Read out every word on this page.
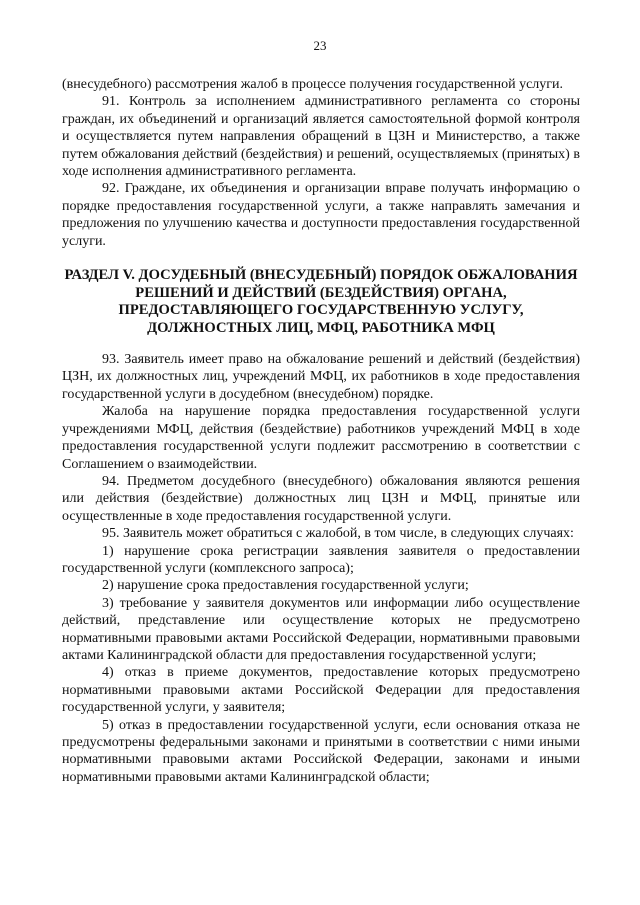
23

(внесудебного) рассмотрения жалоб в процессе получения государственной услуги.

91. Контроль за исполнением административного регламента со стороны граждан, их объединений и организаций является самостоятельной формой контроля и осуществляется путем направления обращений в ЦЗН и Министерство, а также путем обжалования действий (бездействия) и решений, осуществляемых (принятых) в ходе исполнения административного регламента.

92. Граждане, их объединения и организации вправе получать информацию о порядке предоставления государственной услуги, а также направлять замечания и предложения по улучшению качества и доступности предоставления государственной услуги.

РАЗДЕЛ V. ДОСУДЕБНЫЙ (ВНЕСУДЕБНЫЙ) ПОРЯДОК ОБЖАЛОВАНИЯ РЕШЕНИЙ И ДЕЙСТВИЙ (БЕЗДЕЙСТВИЯ) ОРГАНА, ПРЕДОСТАВЛЯЮЩЕГО ГОСУДАРСТВЕННУЮ УСЛУГУ, ДОЛЖНОСТНЫХ ЛИЦ, МФЦ, РАБОТНИКА МФЦ

93. Заявитель имеет право на обжалование решений и действий (бездействия) ЦЗН, их должностных лиц, учреждений МФЦ, их работников в ходе предоставления государственной услуги в досудебном (внесудебном) порядке.

Жалоба на нарушение порядка предоставления государственной услуги учреждениями МФЦ, действия (бездействие) работников учреждений МФЦ в ходе предоставления государственной услуги подлежит рассмотрению в соответствии с Соглашением о взаимодействии.

94. Предметом досудебного (внесудебного) обжалования являются решения или действия (бездействие) должностных лиц ЦЗН и МФЦ, принятые или осуществленные в ходе предоставления государственной услуги.

95. Заявитель может обратиться с жалобой, в том числе, в следующих случаях:

1) нарушение срока регистрации заявления заявителя о предоставлении государственной услуги (комплексного запроса);

2) нарушение срока предоставления государственной услуги;

3) требование у заявителя документов или информации либо осуществление действий, представление или осуществление которых не предусмотрено нормативными правовыми актами Российской Федерации, нормативными правовыми актами Калининградской области для предоставления государственной услуги;

4) отказ в приеме документов, предоставление которых предусмотрено нормативными правовыми актами Российской Федерации для предоставления государственной услуги, у заявителя;

5) отказ в предоставлении государственной услуги, если основания отказа не предусмотрены федеральными законами и принятыми в соответствии с ними иными нормативными правовыми актами Российской Федерации, законами и иными нормативными правовыми актами Калининградской области;
